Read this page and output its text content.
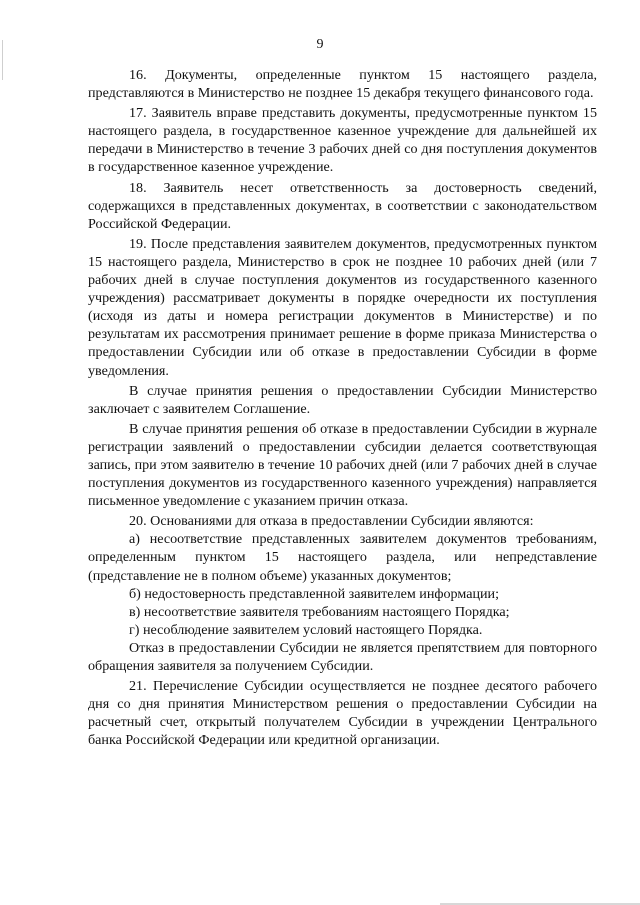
9

16. Документы, определенные пунктом 15 настоящего раздела, представляются в Министерство не позднее 15 декабря текущего финансового года.

17. Заявитель вправе представить документы, предусмотренные пунктом 15 настоящего раздела, в государственное казенное учреждение для дальнейшей их передачи в Министерство в течение 3 рабочих дней со дня поступления документов в государственное казенное учреждение.

18. Заявитель несет ответственность за достоверность сведений, содержащихся в представленных документах, в соответствии с законодательством Российской Федерации.

19. После представления заявителем документов, предусмотренных пунктом 15 настоящего раздела, Министерство в срок не позднее 10 рабочих дней (или 7 рабочих дней в случае поступления документов из государственного казенного учреждения) рассматривает документы в порядке очередности их поступления (исходя из даты и номера регистрации документов в Министерстве) и по результатам их рассмотрения принимает решение в форме приказа Министерства о предоставлении Субсидии или об отказе в предоставлении Субсидии в форме уведомления.

В случае принятия решения о предоставлении Субсидии Министерство заключает с заявителем Соглашение.

В случае принятия решения об отказе в предоставлении Субсидии в журнале регистрации заявлений о предоставлении субсидии делается соответствующая запись, при этом заявителю в течение 10 рабочих дней (или 7 рабочих дней в случае поступления документов из государственного казенного учреждения) направляется письменное уведомление с указанием причин отказа.

20. Основаниями для отказа в предоставлении Субсидии являются:

а) несоответствие представленных заявителем документов требованиям, определенным пунктом 15 настоящего раздела, или непредставление (представление не в полном объеме) указанных документов;

б) недостоверность представленной заявителем информации;

в) несоответствие заявителя требованиям настоящего Порядка;

г) несоблюдение заявителем условий настоящего Порядка.

Отказ в предоставлении Субсидии не является препятствием для повторного обращения заявителя за получением Субсидии.

21. Перечисление Субсидии осуществляется не позднее десятого рабочего дня со дня принятия Министерством решения о предоставлении Субсидии на расчетный счет, открытый получателем Субсидии в учреждении Центрального банка Российской Федерации или кредитной организации.
